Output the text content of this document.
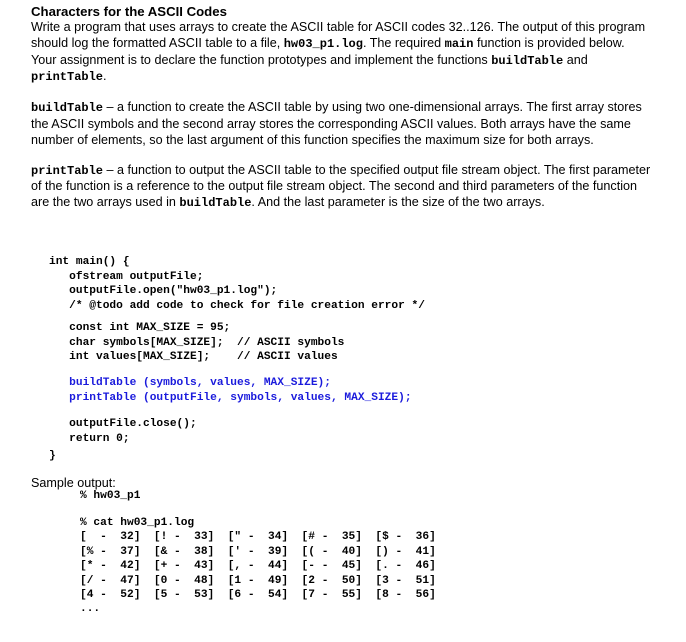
Characters for the ASCII Codes

Write a program that uses arrays to create the ASCII table for ASCII codes 32..126. The output of this program should log the formatted ASCII table to a file, hw03_p1.log. The required main function is provided below. Your assignment is to declare the function prototypes and implement the functions buildTable and printTable.

buildTable – a function to create the ASCII table by using two one-dimensional arrays. The first array stores the ASCII symbols and the second array stores the corresponding ASCII values. Both arrays have the same number of elements, so the last argument of this function specifies the maximum size for both arrays.

printTable – a function to output the ASCII table to the specified output file stream object. The first parameter of the function is a reference to the output file stream object. The second and third parameters of the function are the two arrays used in buildTable. And the last parameter is the size of the two arrays.

int main() {
ofstream outputFile;
outputFile.open("hw03_p1.log");
/* @todo add code to check for file creation error */
const int MAX_SIZE = 95;
char symbols[MAX_SIZE];  // ASCII symbols
int values[MAX_SIZE];    // ASCII values
buildTable (symbols, values, MAX_SIZE);
printTable (outputFile, symbols, values, MAX_SIZE);
outputFile.close();
return 0;
}
Sample output:
% hw03_p1
% cat hw03_p1.log
[  -  32]  [! -  33]  [" -  34]  [# -  35]  [$ -  36]
[% -  37]  [& -  38]  [' -  39]  [( -  40]  [) -  41]
[* -  42]  [+ -  43]  [, -  44]  [- -  45]  [. -  46]
[/ -  47]  [0 -  48]  [1 -  49]  [2 -  50]  [3 -  51]
[4 -  52]  [5 -  53]  [6 -  54]  [7 -  55]  [8 -  56]
...
